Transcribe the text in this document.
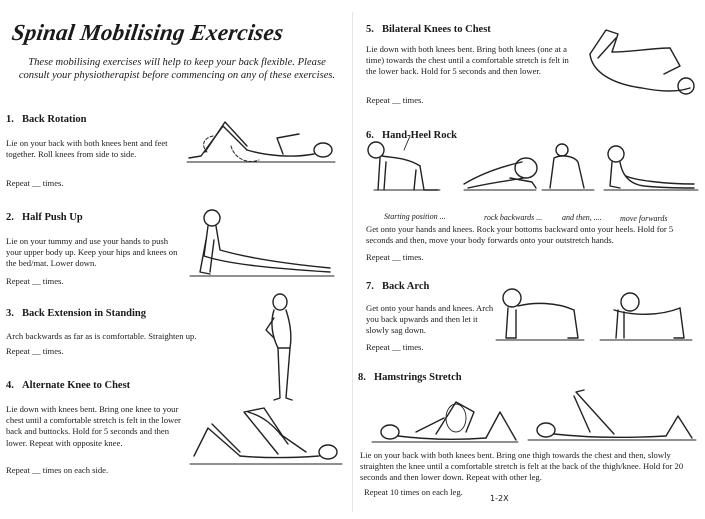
Spinal Mobilising Exercises
These mobilising exercises will help to keep your back flexible. Please consult your physiotherapist before commencing on any of these exercises.
1. Back Rotation
Lie on your back with both knees bent and feet together. Roll knees from side to side.
Repeat __ times.
2. Half Push Up
Lie on your tummy and use your hands to push your upper body up. Keep your hips and knees on the bed/mat. Lower down.
Repeat __ times.
3. Back Extension in Standing
Arch backwards as far as is comfortable. Straighten up.
Repeat __ times.
4. Alternate Knee to Chest
Lie down with knees bent. Bring one knee to your chest until a comfortable stretch is felt in the lower back and buttocks. Hold for 5 seconds and then lower. Repeat with opposite knee.
Repeat __ times on each side.
5. Bilateral Knees to Chest
Lie down with both knees bent. Bring both knees (one at a time) towards the chest until a comfortable stretch is felt in the lower back. Hold for 5 seconds and then lower.
Repeat __ times.
6. Hand-Heel Rock
Starting position ...	rock backwards ... and then, .... move forwards
Get onto your hands and knees. Rock your bottoms backward onto your heels. Hold for 5 seconds and then, move your body forwards onto your outstretch hands.
Repeat __ times.
7. Back Arch
Get onto your hands and knees. Arch you back upwards and then let it slowly sag down.
Repeat __ times.
8. Hamstrings Stretch
Lie on your back with both knees bent. Bring one thigh towards the chest and then, slowly straighten the knee until a comfortable stretch is felt at the back of the thigh/knee. Hold for 20 seconds and then lower down. Repeat with other leg.
Repeat 10 times on each leg.
1-2X
